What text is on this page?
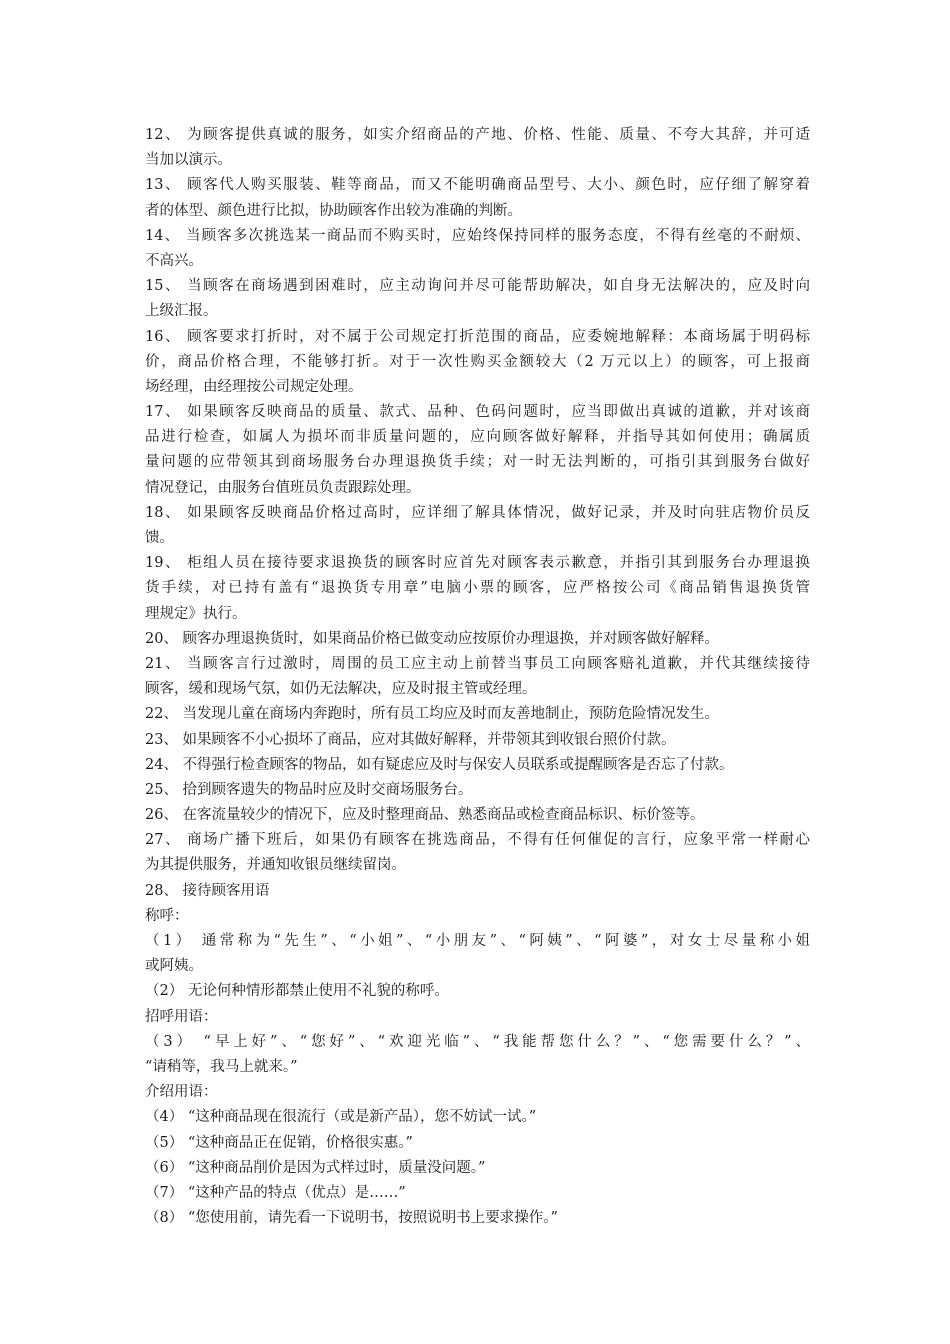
12、 为顾客提供真诚的服务，如实介绍商品的产地、价格、性能、质量、不夸大其辞，并可适
当加以演示。
13、 顾客代人购买服装、鞋等商品，而又不能明确商品型号、大小、颜色时，应仔细了解穿着
者的体型、颜色进行比拟，协助顾客作出较为准确的判断。
14、 当顾客多次挑选某一商品而不购买时，应始终保持同样的服务态度，不得有丝毫的不耐烦、
不高兴。
15、 当顾客在商场遇到困难时，应主动询问并尽可能帮助解决，如自身无法解决的，应及时向
上级汇报。
16、 顾客要求打折时，对不属于公司规定打折范围的商品，应委婉地解释：本商场属于明码标
价，商品价格合理，不能够打折。对于一次性购买金额较大（2 万元以上）的顾客，可上报商
场经理，由经理按公司规定处理。
17、 如果顾客反映商品的质量、款式、品种、色码问题时，应当即做出真诚的道歉，并对该商
品进行检查，如属人为损坏而非质量问题的，应向顾客做好解释，并指导其如何使用；确属质
量问题的应带领其到商场服务台办理退换货手续；对一时无法判断的，可指引其到服务台做好
情况登记，由服务台值班员负责跟踪处理。
18、 如果顾客反映商品价格过高时，应详细了解具体情况，做好记录，并及时向驻店物价员反
馈。
19、 柜组人员在接待要求退换货的顾客时应首先对顾客表示歉意，并指引其到服务台办理退换
货手续，对已持有盖有“退换货专用章”电脑小票的顾客，应严格按公司《商品销售退换货管
理规定》执行。
20、 顾客办理退换货时，如果商品价格已做变动应按原价办理退换，并对顾客做好解释。
21、 当顾客言行过激时，周围的员工应主动上前替当事员工向顾客赔礼道歉，并代其继续接待
顾客，缓和现场气氛，如仍无法解决，应及时报主管或经理。
22、 当发现儿童在商场内奔跑时，所有员工均应及时而友善地制止，预防危险情况发生。
23、 如果顾客不小心损坏了商品，应对其做好解释，并带领其到收银台照价付款。
24、 不得强行检查顾客的物品，如有疑虑应及时与保安人员联系或提醒顾客是否忘了付款。
25、 拾到顾客遗失的物品时应及时交商场服务台。
26、 在客流量较少的情况下，应及时整理商品、熟悉商品或检查商品标识、标价签等。
27、 商场广播下班后，如果仍有顾客在挑选商品，不得有任何催促的言行，应象平常一样耐心
为其提供服务，并通知收银员继续留岗。
28、 接待顾客用语
称呼：
（1） 通常称为“先生”、“小姐”、“小朋友”、“阿姨”、“阿婆”，对女士尽量称小姐
或阿姨。
（2） 无论何种情形都禁止使用不礼貌的称呼。
招呼用语：
（3） “早上好”、“您好”、“欢迎光临”、“我能帮您什么？”、“您需要什么？”、
“请稍等，我马上就来。”
介绍用语：
（4） “这种商品现在很流行（或是新产品），您不妨试一试。”
（5） “这种商品正在促销，价格很实惠。”
（6） “这种商品削价是因为式样过时，质量没问题。”
（7） “这种产品的特点（优点）是……”
（8） “您使用前，请先看一下说明书，按照说明书上要求操作。”
